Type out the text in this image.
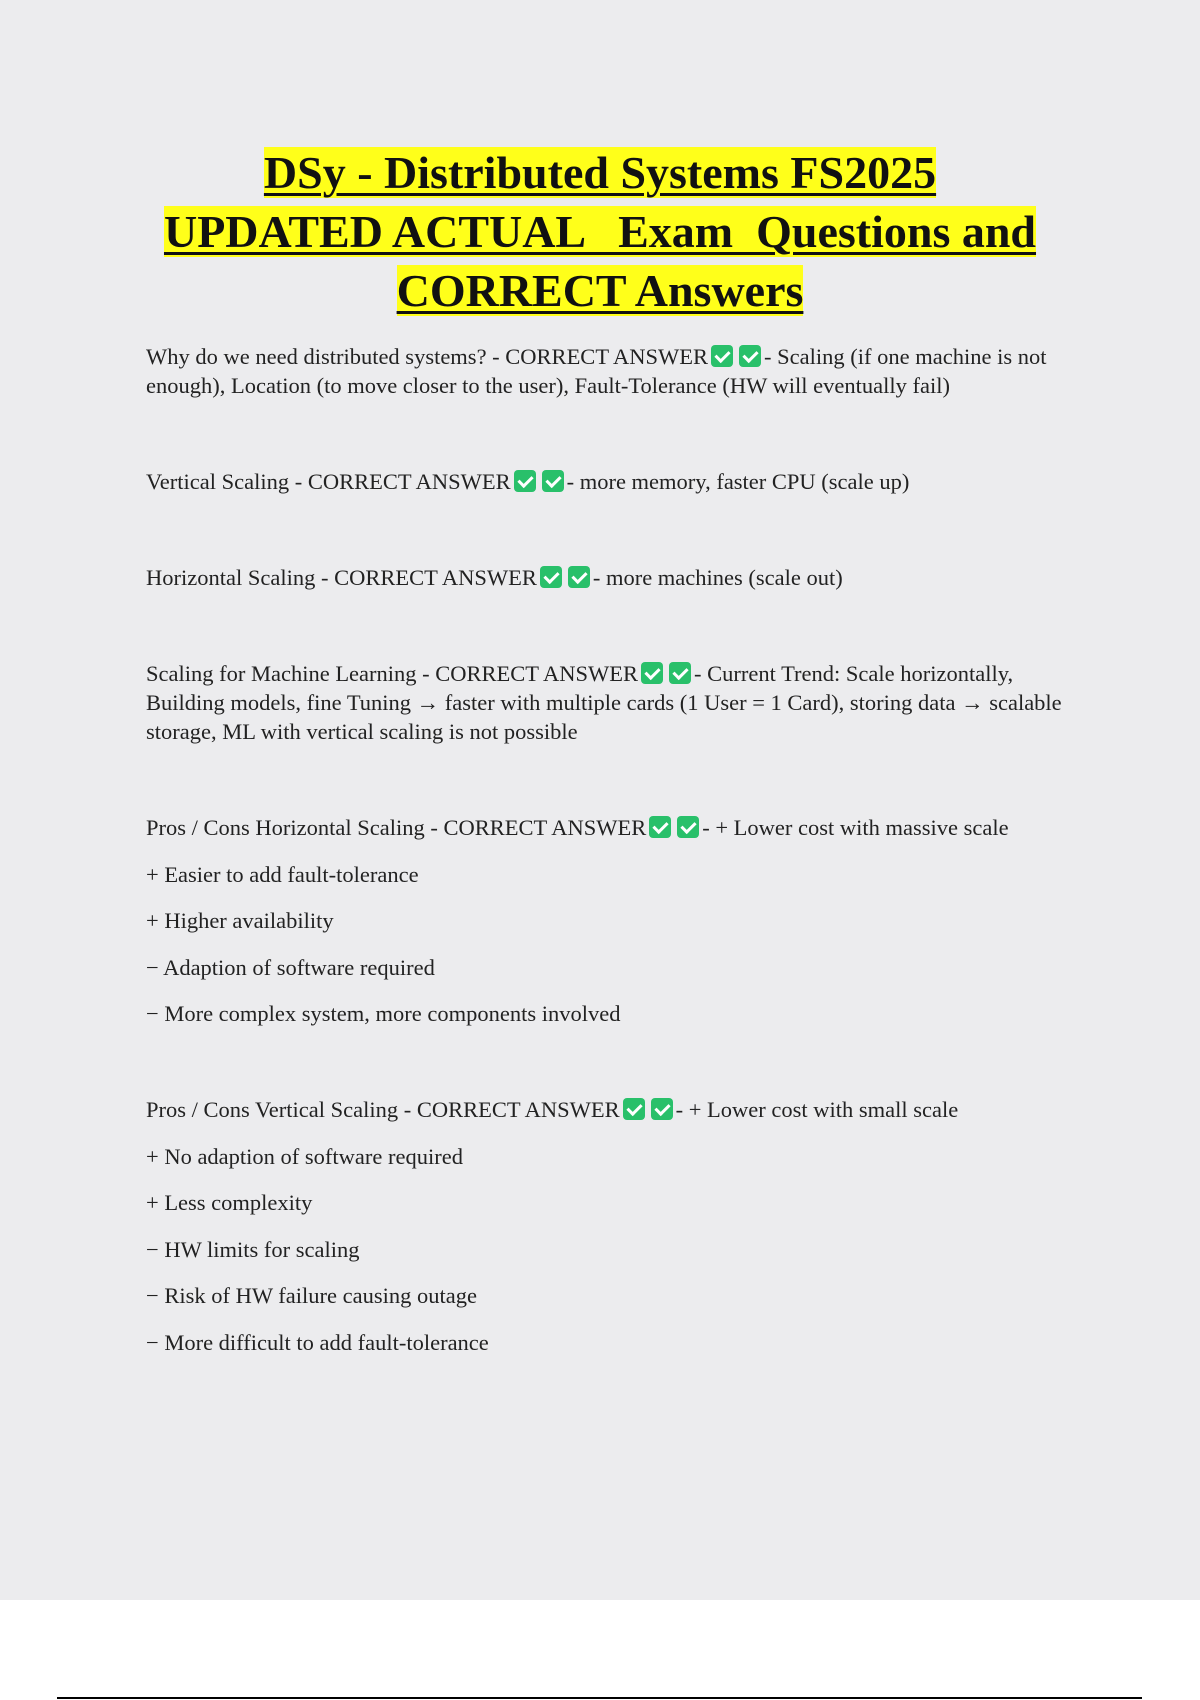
DSy - Distributed Systems FS2025
UPDATED ACTUAL   Exam  Questions and
CORRECT Answers

Why do we need distributed systems? - CORRECT ANSWER - Scaling (if one machine is not enough), Location (to move closer to the user), Fault-Tolerance (HW will eventually fail)

Vertical Scaling - CORRECT ANSWER - more memory, faster CPU (scale up)

Horizontal Scaling - CORRECT ANSWER - more machines (scale out)

Scaling for Machine Learning - CORRECT ANSWER - Current Trend: Scale horizontally, Building models, fine Tuning → faster with multiple cards (1 User = 1 Card), storing data → scalable storage, ML with vertical scaling is not possible

Pros / Cons Horizontal Scaling - CORRECT ANSWER - + Lower cost with massive scale

+ Easier to add fault-tolerance

+ Higher availability

− Adaption of software required

− More complex system, more components involved

Pros / Cons Vertical Scaling - CORRECT ANSWER - + Lower cost with small scale

+ No adaption of software required

+ Less complexity

− HW limits for scaling

− Risk of HW failure causing outage

− More difficult to add fault-tolerance
